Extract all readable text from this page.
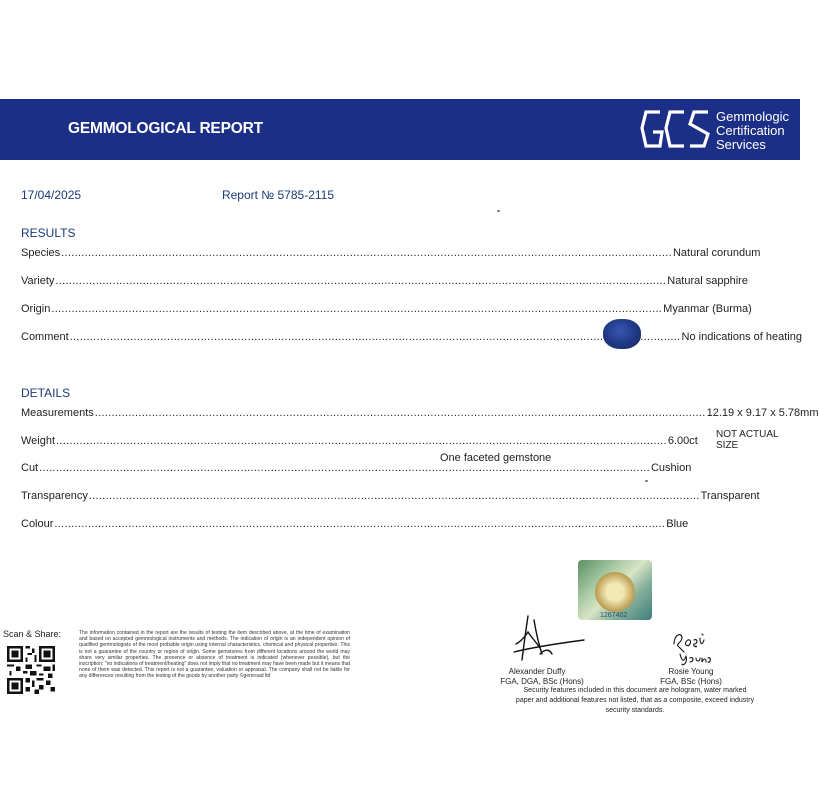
GEMMOLOGICAL REPORT
Gemmologic
Certification
Services
17/04/2025	Report № 5785-2115
RESULTS
Species .....	Natural corundum
Variety .....	Natural sapphire
Origin .....	Myanmar (Burma)
Comment .....	No indications of heating
DETAILS
Measurements .....	12.19 x 9.17 x 5.78mm
Weight .....	6.00ct
Cut .....	Cushion
Transparency .....	Transparent
Colour .....	Blue
NOT ACTUAL SIZE
One faceted gemstone
1267402
Scan & Share:	The information contained in the report are the results of testing the item described above, at the time of examination and based on accepted gemmological instruments and methods. The indication of origin is an independent opinion of qualified gemmologists of the most probable origin using internal characteristics, chemical and physical properties. This is not a guarantee of the country or region of origin. Some gemstones from different locations around the world may share very similar properties. The presence or absence of treatment is indicated (whenever possible), but the inscription: "no indications of treatment/heating" does not imply that no treatment may have been made but it means that none of them was detected. This report is not a guarantee, valuation or appraisal. The company shall not be liable for any differences resulting from the testing of the goods by another party ©gemroad ltd
Alexander Duffy
FGA, DGA, BSc (Hons)
Rosie Young
FGA, BSc (Hons)
Security features included in this document are hologram, water marked paper and additional features not listed, that as a composite, exceed industry security standards.
